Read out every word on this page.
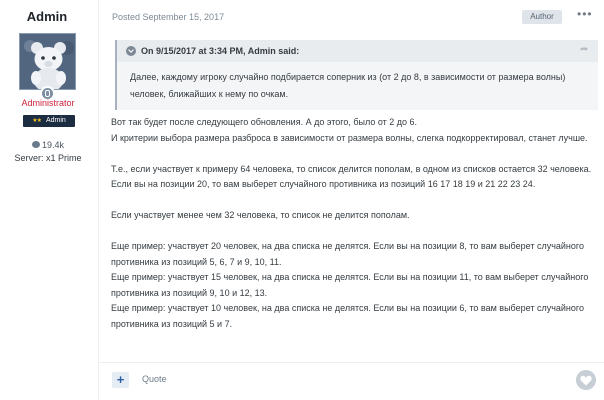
Admin
Administrator
★★ Admin
19.4k
Server: x1 Prime
Posted September 15, 2017	Author	•••
On 9/15/2017 at 3:34 PM, Admin said:	➦
Далее, каждому игроку случайно подбирается соперник из (от 2 до 8, в зависимости от размера волны) человек, ближайших к нему по очкам.

Вот так будет после следующего обновления. А до этого, было от 2 до 6.

И критерии выбора размера разброса в зависимости от размера волны, слегка подкорректировал, станет лучше.

Т.е., если участвует к примеру 64 человека, то список делится пополам, в одном из списков остается 32 человека. Если вы на позиции 20, то вам выберет случайного противника из позиций 16 17 18 19 и 21 22 23 24.

Если участвует менее чем 32 человека, то список не делится пополам.

Еще пример: участвует 20 человек, на два списка не делятся. Если вы на позиции 8, то вам выберет случайного противника из позиций 5, 6, 7 и 9, 10, 11.

Еще пример: участвует 15 человек, на два списка не делятся. Если вы на позиции 11, то вам выберет случайного противника из позиций 9, 10 и 12, 13.

Еще пример: участвует 10 человек, на два списка не делятся. Если вы на позиции 6, то вам выберет случайного противника из позиций 5 и 7.

+	Quote
